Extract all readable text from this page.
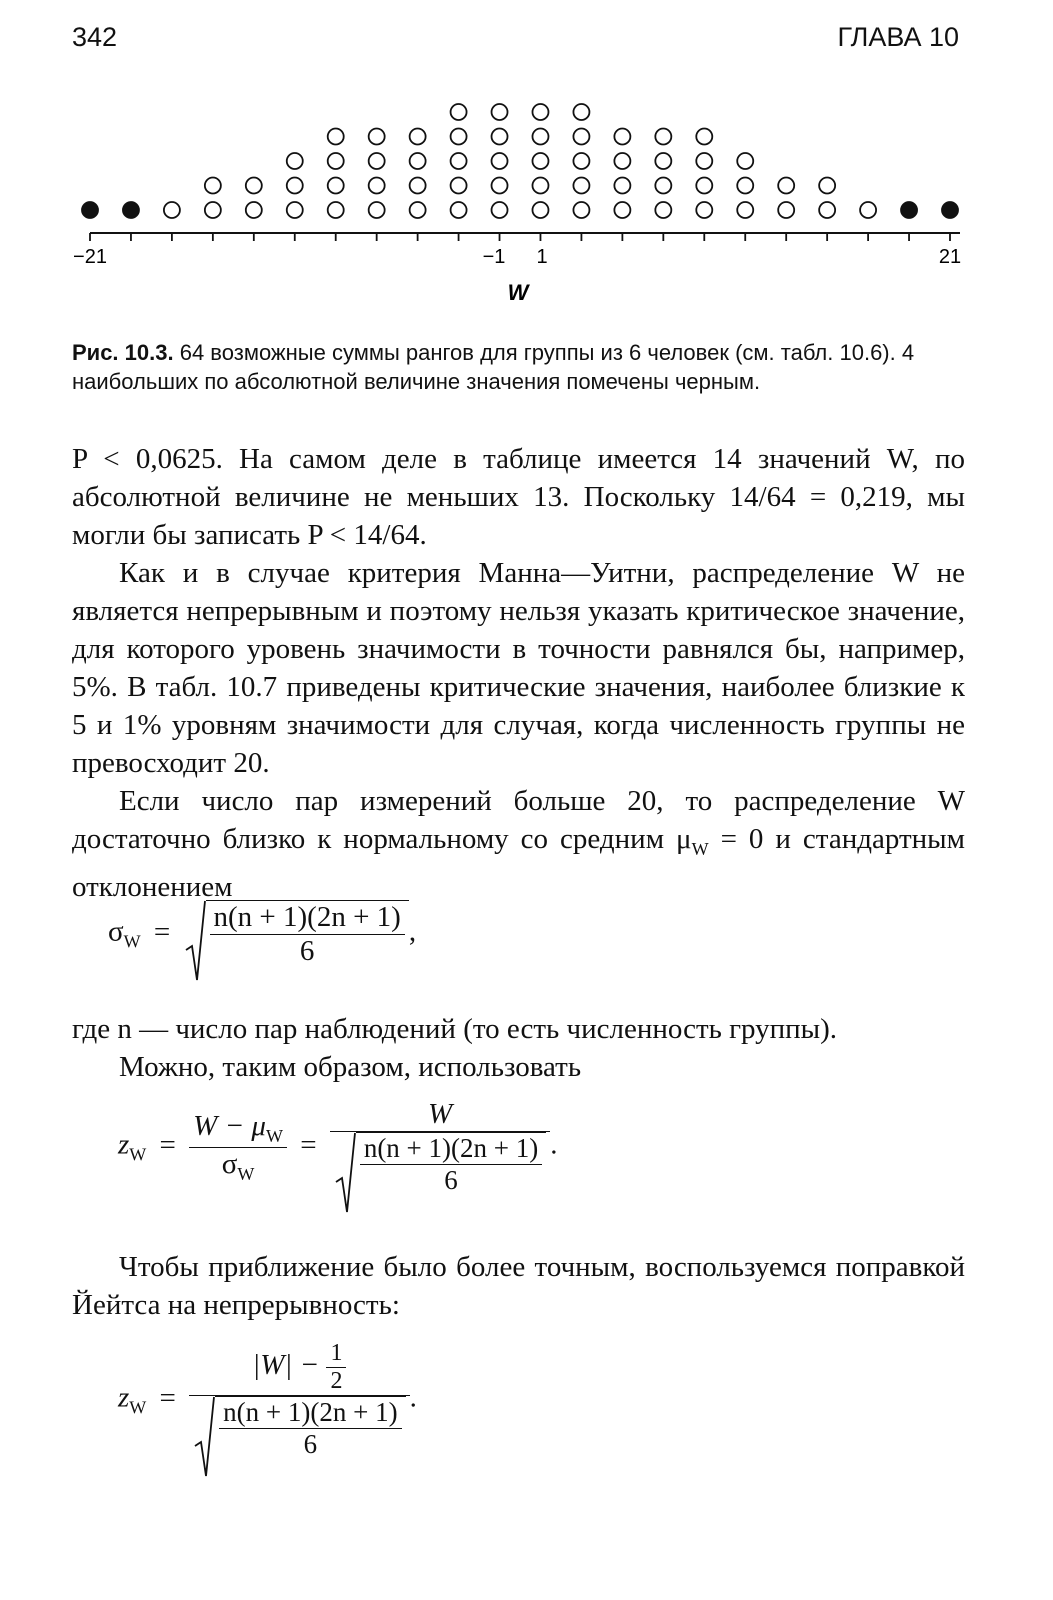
342	ГЛАВА 10
−21	−1 1	21
W
Рис. 10.3. 64 возможные суммы рангов для группы из 6 человек (см. табл. 10.6). 4 наибольших по абсолютной величине значения помечены черным.

P < 0,0625. На самом деле в таблице имеется 14 значений W, по абсолютной величине не меньших 13. Поскольку 14/64 = 0,219, мы могли бы записать P < 14/64.

Как и в случае критерия Манна—Уитни, распределение W не является непрерывным и поэтому нельзя указать критическое значение, для которого уровень значимости в точности равнялся бы, например, 5%. В табл. 10.7 приведены критические значения, наиболее близкие к 5 и 1% уровням значимости для случая, когда численность группы не превосходит 20.

Если число пар измерений больше 20, то распределение W достаточно близко к нормальному со средним $\mu_W = 0$ и стандартным отклонением

$\sigma_W = \frac{n(n + 1)(2n + 1)}{6}$ ,

где n — число пар наблюдений (то есть численность группы).

Можно, таким образом, использовать

$z_W = \frac{W - \mu_W}{\sigma_W} = \frac{W}{\frac{n(n + 1)(2n + 1)}{6}}$ .

Чтобы приближение было более точным, воспользуемся поправкой Йейтса на непрерывность:

$z_W = \frac{|W| - \frac{1}{2}}{\frac{n(n + 1)(2n + 1)}{6}}$ .
